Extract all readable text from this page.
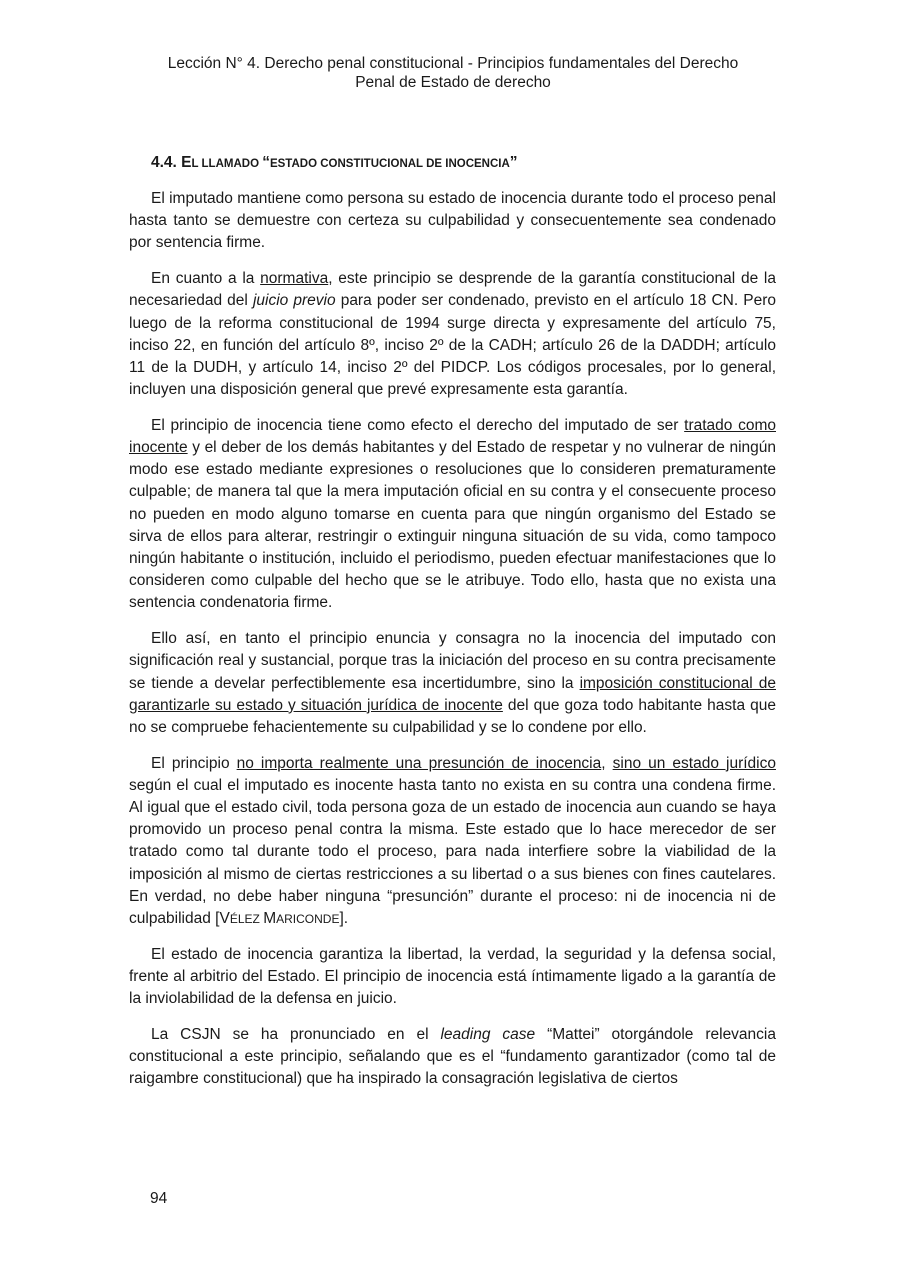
Lección N° 4. Derecho penal constitucional - Principios fundamentales del Derecho
Penal de Estado de derecho
4.4. EL LLAMADO “ESTADO CONSTITUCIONAL DE INOCENCIA”

El imputado mantiene como persona su estado de inocencia durante todo el proceso penal hasta tanto se demuestre con certeza su culpabilidad y consecuentemente sea condenado por sentencia firme.

En cuanto a la normativa, este principio se desprende de la garantía constitucional de la necesariedad del juicio previo para poder ser condenado, previsto en el artículo 18 CN. Pero luego de la reforma constitucional de 1994 surge directa y expresamente del artículo 75, inciso 22, en función del artículo 8º, inciso 2º de la CADH; artículo 26 de la DADDH; artículo 11 de la DUDH, y artículo 14, inciso 2º del PIDCP. Los códigos procesales, por lo general, incluyen una disposición general que prevé expresamente esta garantía.

El principio de inocencia tiene como efecto el derecho del imputado de ser tratado como inocente y el deber de los demás habitantes y del Estado de respetar y no vulnerar de ningún modo ese estado mediante expresiones o resoluciones que lo consideren prematuramente culpable; de manera tal que la mera imputación oficial en su contra y el consecuente proceso no pueden en modo alguno tomarse en cuenta para que ningún organismo del Estado se sirva de ellos para alterar, restringir o extinguir ninguna situación de su vida, como tampoco ningún habitante o institución, incluido el periodismo, pueden efectuar manifestaciones que lo consideren como culpable del hecho que se le atribuye. Todo ello, hasta que no exista una sentencia condenatoria firme.

Ello así, en tanto el principio enuncia y consagra no la inocencia del imputado con significación real y sustancial, porque tras la iniciación del proceso en su contra precisamente se tiende a develar perfectiblemente esa incertidumbre, sino la imposición constitucional de garantizarle su estado y situación jurídica de inocente del que goza todo habitante hasta que no se compruebe fehacientemente su culpabilidad y se lo condene por ello.

El principio no importa realmente una presunción de inocencia, sino un estado jurídico según el cual el imputado es inocente hasta tanto no exista en su contra una condena firme. Al igual que el estado civil, toda persona goza de un estado de inocencia aun cuando se haya promovido un proceso penal contra la misma. Este estado que lo hace merecedor de ser tratado como tal durante todo el proceso, para nada interfiere sobre la viabilidad de la imposición al mismo de ciertas restricciones a su libertad o a sus bienes con fines cautelares. En verdad, no debe haber ninguna “presunción” durante el proceso: ni de inocencia ni de culpabilidad [VÉLEZ MARICONDE].

El estado de inocencia garantiza la libertad, la verdad, la seguridad y la defensa social, frente al arbitrio del Estado. El principio de inocencia está íntimamente ligado a la garantía de la inviolabilidad de la defensa en juicio.

La CSJN se ha pronunciado en el leading case “Mattei” otorgándole relevancia constitucional a este principio, señalando que es el “fundamento garantizador (como tal de raigambre constitucional) que ha inspirado la consagración legislativa de ciertos

94
